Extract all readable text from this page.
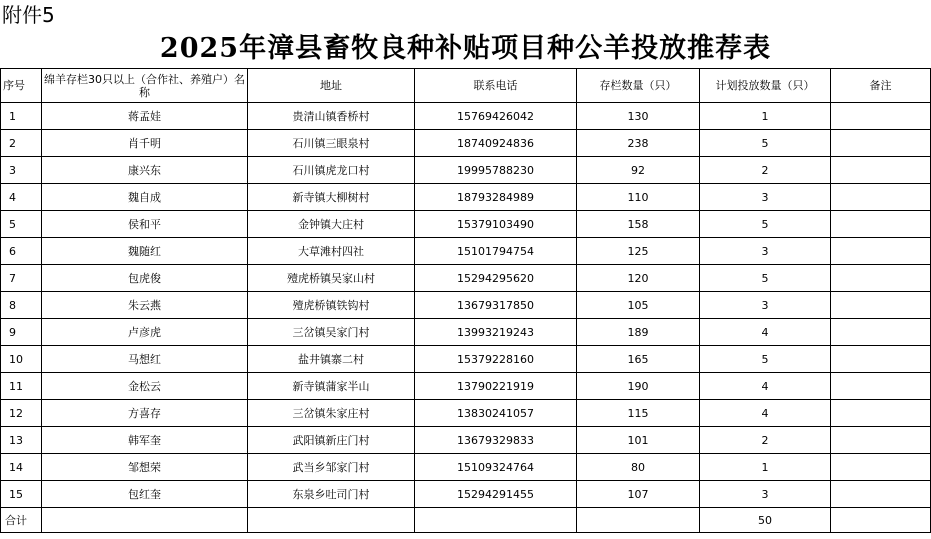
附件5
2025年漳县畜牧良种补贴项目种公羊投放推荐表
序号	绵羊存栏30只以上（合作社、养殖户）名称	地址	联系电话	存栏数量（只）	计划投放数量（只）	备注
1	蒋孟娃	贵清山镇香桥村	15769426042	130	1	
2	肖千明	石川镇三眼泉村	18740924836	238	5	
3	康兴东	石川镇虎龙口村	19995788230	92	2	
4	魏自成	新寺镇大柳树村	18793284989	110	3	
5	侯和平	金钟镇大庄村	15379103490	158	5	
6	魏随红	大草滩村四社	15101794754	125	3	
7	包虎俊	殪虎桥镇吴家山村	15294295620	120	5	
8	朱云燕	殪虎桥镇铁钩村	13679317850	105	3	
9	卢彦虎	三岔镇吴家门村	13993219243	189	4	
10	马想红	盐井镇寨二村	15379228160	165	5	
11	金松云	新寺镇蒲家半山	13790221919	190	4	
12	方喜存	三岔镇朱家庄村	13830241057	115	4	
13	韩军奎	武阳镇新庄门村	13679329833	101	2	
14	邹想荣	武当乡邹家门村	15109324764	80	1	
15	包红奎	东泉乡吐司门村	15294291455	107	3	
合计					50	
